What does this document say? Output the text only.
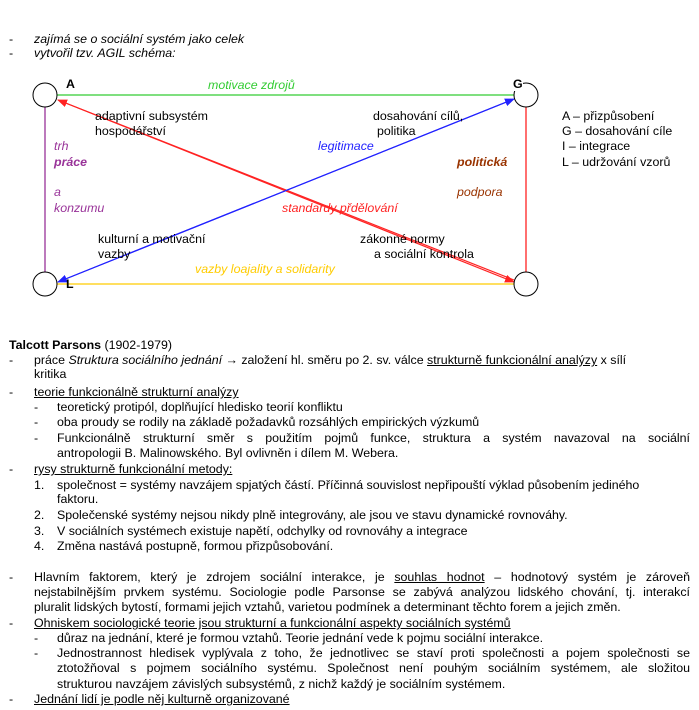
- zajímá se o sociální systém jako celek
- vytvořil tzv. AGIL schéma:
A	G
L
motivace zdrojů
vazby loajality a solidarity
trh
práce
a
konzumu
politická
podpora
legitimace
standardy přdělování
adaptivní subsystém
hospodářství
dosahování cílů,
politika
kulturní a motivační
vazby
zákonné normy
a sociální kontrola
A – přizpůsobení
G – dosahování cíle
I – integrace
L – udržování vzorů
Talcott Parsons (1902-1979)
- práce Struktura sociálního jednání → založení hl. směru po 2. sv. válce strukturně funkcionální analýzy x sílí
kritika
- teorie funkcionálně strukturní analýzy
- teoretický protipól, doplňující hledisko teorií konfliktu
- oba proudy se rodily na základě požadavků rozsáhlých empirických výzkumů
- Funkcionálně strukturní směr s použitím pojmů funkce, struktura a systém navazoval na sociální
antropologii B. Malinowského. Byl ovlivněn i dílem M. Webera.
- rysy strukturně funkcionální metody:
1. společnost = systémy navzájem spjatých částí. Příčinná souvislost nepřipouští výklad působením jediného
faktoru.
2. Společenské systémy nejsou nikdy plně integrovány, ale jsou ve stavu dynamické rovnováhy.
3. V sociálních systémech existuje napětí, odchylky od rovnováhy a integrace
4. Změna nastává postupně, formou přizpůsobování.
- Hlavním faktorem, který je zdrojem sociální interakce, je souhlas hodnot – hodnotový systém je zároveň
nejstabilnějším prvkem systému. Sociologie podle Parsonse se zabývá analýzou lidského chování, tj. interakcí
pluralit lidských bytostí, formami jejich vztahů, varietou podmínek a determinant těchto forem a jejich změn.
- Ohniskem sociologické teorie jsou strukturní a funkcionální aspekty sociálních systémů
- důraz na jednání, které je formou vztahů. Teorie jednání vede k pojmu sociální interakce.
- Jednostrannost hledisek vyplývala z toho, že jednotlivec se staví proti společnosti a pojem společnosti se
ztotožňoval s pojmem sociálního systému. Společnost není pouhým sociálním systémem, ale složitou
strukturou navzájem závislých subsystémů, z nichž každý je sociálním systémem.
- Jednání lidí je podle něj kulturně organizované
